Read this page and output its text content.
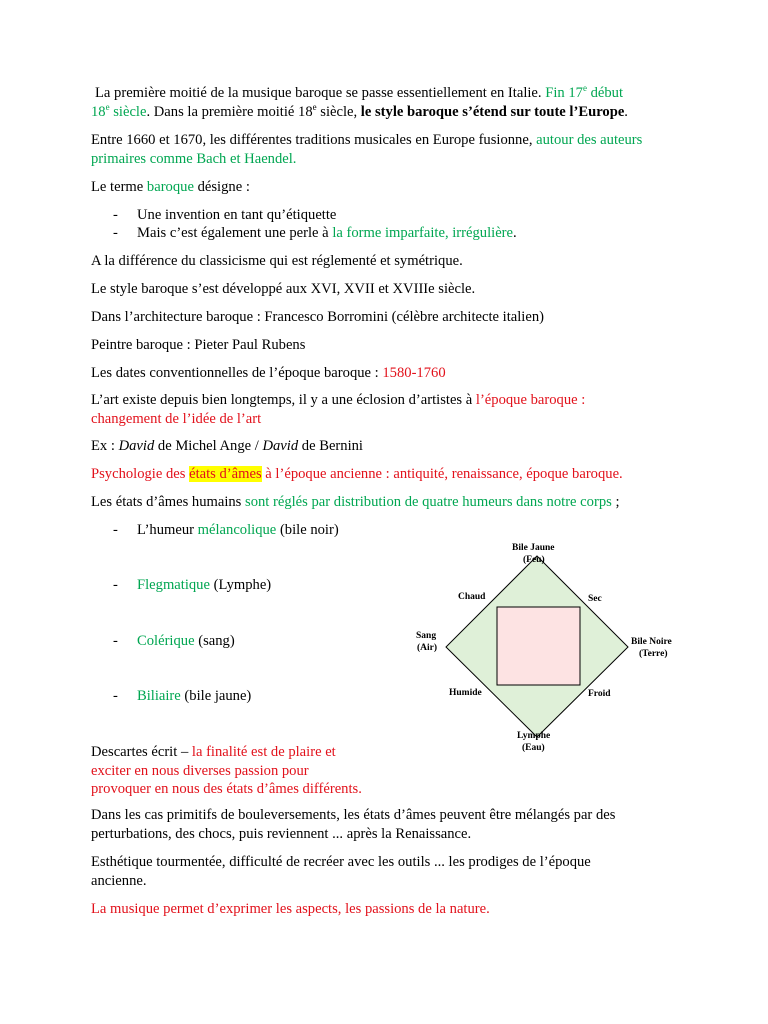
La première moitié de la musique baroque se passe essentiellement en Italie. Fin 17e début
18e siècle. Dans la première moitié 18e siècle, le style baroque s’étend sur toute l’Europe.
Entre 1660 et 1670, les différentes traditions musicales en Europe fusionne, autour des auteurs
primaires comme Bach et Haendel.
Le terme baroque désigne :
- Une invention en tant qu’étiquette
- Mais c’est également une perle à la forme imparfaite, irrégulière.
A la différence du classicisme qui est réglementé et symétrique.
Le style baroque s’est développé aux XVI, XVII et XVIIIe siècle.
Dans l’architecture baroque : Francesco Borromini (célèbre architecte italien)
Peintre baroque : Pieter Paul Rubens
Les dates conventionnelles de l’époque baroque : 1580-1760
L’art existe depuis bien longtemps, il y a une éclosion d’artistes à l’époque baroque :
changement de l’idée de l’art
Ex : David de Michel Ange / David de Bernini
Psychologie des états d’âmes à l’époque ancienne : antiquité, renaissance, époque baroque.
Les états d’âmes humains sont réglés par distribution de quatre humeurs dans notre corps ;
- L’humeur mélancolique (bile noir)
- Flegmatique (Lymphe)
- Colérique (sang)
- Biliaire (bile jaune)
Descartes écrit – la finalité est de plaire et
exciter en nous diverses passion pour
provoquer en nous des états d’âmes différents.
Dans les cas primitifs de bouleversements, les états d’âmes peuvent être mélangés par des
perturbations, des chocs, puis reviennent ... après la Renaissance.
Esthétique tourmentée, difficulté de recréer avec les outils ... les prodiges de l’époque
ancienne.
La musique permet d’exprimer les aspects, les passions de la nature.
Bile Jaune
(Feu)
Sang
(Air)
Bile Noire
(Terre)
Lymphe
(Eau)
Chaud	Sec
Humide	Froid
